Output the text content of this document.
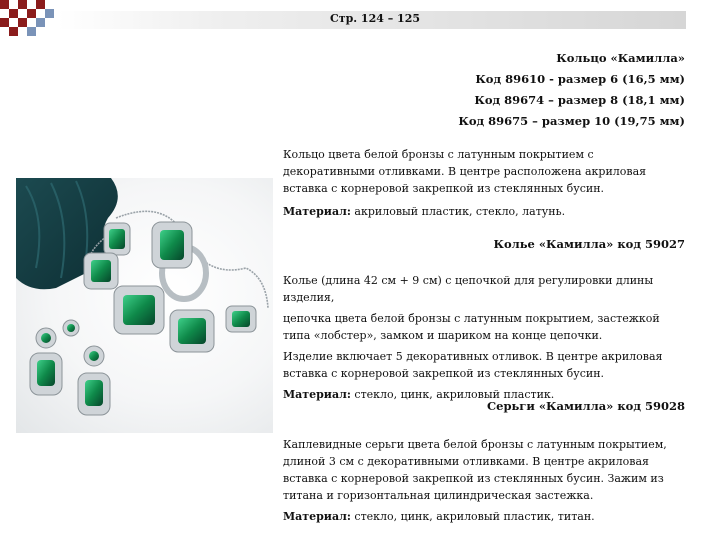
Стр. 124 – 125
Кольцо «Камилла»
Код 89610 - размер 6 (16,5 мм)
Код 89674 – размер 8 (18,1 мм)
Код 89675 – размер 10 (19,75 мм)

Кольцо цвета белой бронзы с латунным покрытием с декоративными отливками. В центре расположена акриловая вставка с корнеровой закрепкой из стеклянных бусин.

Материал: акриловый пластик, стекло, латунь.

Колье «Камилла» код 59027

Колье (длина 42 см + 9 см) с цепочкой для регулировки длины изделия,

цепочка цвета белой бронзы с латунным покрытием, застежкой типа «лобстер», замком и шариком на конце цепочки.

Изделие включает 5 декоративных отливок. В центре акриловая вставка с корнеровой закрепкой из стеклянных бусин.

Материал: стекло, цинк, акриловый пластик.

Серьги «Камилла» код 59028

Каплевидные серьги цвета белой бронзы с латунным покрытием, длиной 3 см с декоративными отливками. В центре акриловая вставка с корнеровой закрепкой из стеклянных бусин. Зажим из титана и горизонтальная цилиндрическая застежка.

Материал: стекло, цинк, акриловый пластик, титан.
